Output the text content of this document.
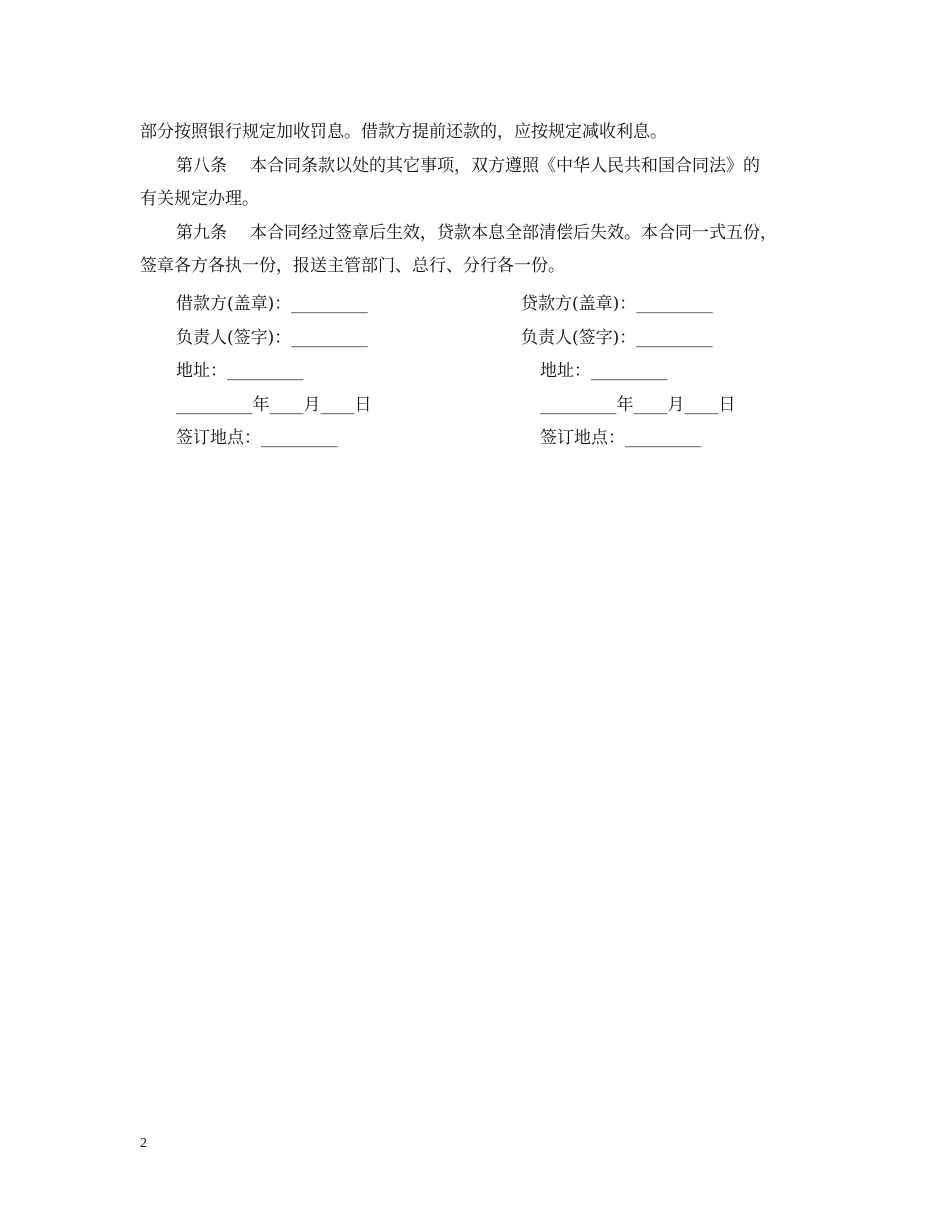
部分按照银行规定加收罚息。借款方提前还款的，应按规定减收利息。
第八条 本合同条款以处的其它事项，双方遵照《中华人民共和国合同法》的
有关规定办理。
第九条 本合同经过签章后生效，贷款本息全部清偿后失效。本合同一式五份，
签章各方各执一份，报送主管部门、总行、分行各一份。
借款方(盖章)：_________	贷款方(盖章)：_________
负责人(签字)：_________	负责人(签字)：_________
地址：_________	地址：_________
_________年____月____日	_________年____月____日
签订地点：_________	签订地点：_________
2
